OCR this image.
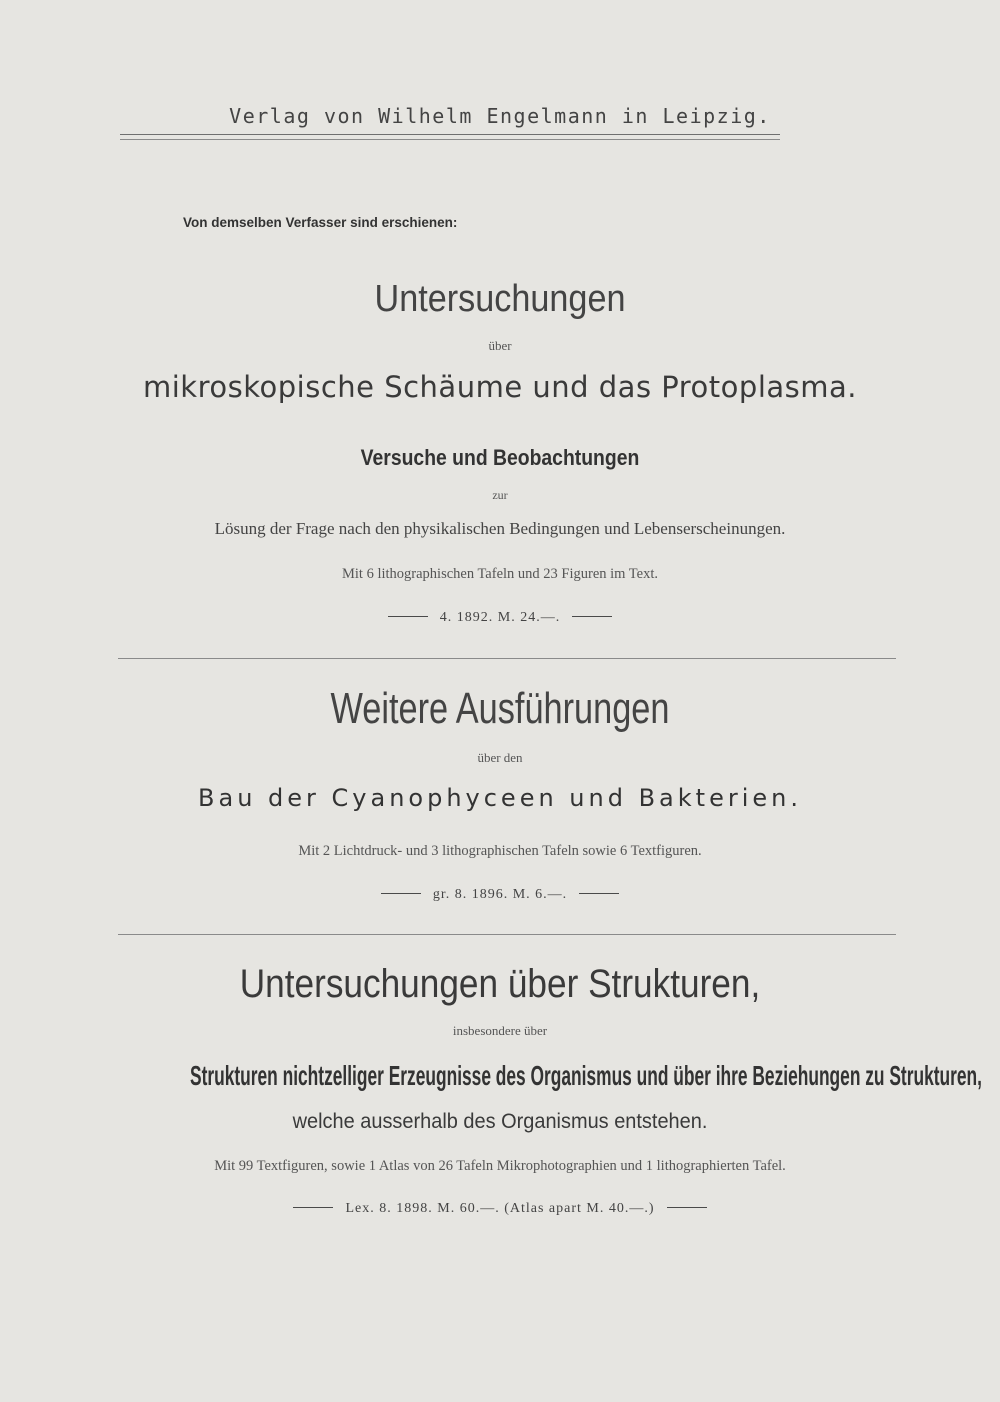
Verlag von Wilhelm Engelmann in Leipzig.
Von demselben Verfasser sind erschienen:
Untersuchungen
über
mikroskopische Schäume und das Protoplasma.
Versuche und Beobachtungen
zur
Lösung der Frage nach den physikalischen Bedingungen und Lebenserscheinungen.
Mit 6 lithographischen Tafeln und 23 Figuren im Text.
4. 1892. M. 24.—.
Weitere Ausführungen
über den
Bau der Cyanophyceen und Bakterien.
Mit 2 Lichtdruck- und 3 lithographischen Tafeln sowie 6 Textfiguren.
gr. 8. 1896. M. 6.—.
Untersuchungen über Strukturen,
insbesondere über
Strukturen nichtzelliger Erzeugnisse des Organismus und über ihre Beziehungen zu Strukturen,
welche ausserhalb des Organismus entstehen.
Mit 99 Textfiguren, sowie 1 Atlas von 26 Tafeln Mikrophotographien und 1 lithographierten Tafel.
Lex. 8. 1898. M. 60.—. (Atlas apart M. 40.—.)
